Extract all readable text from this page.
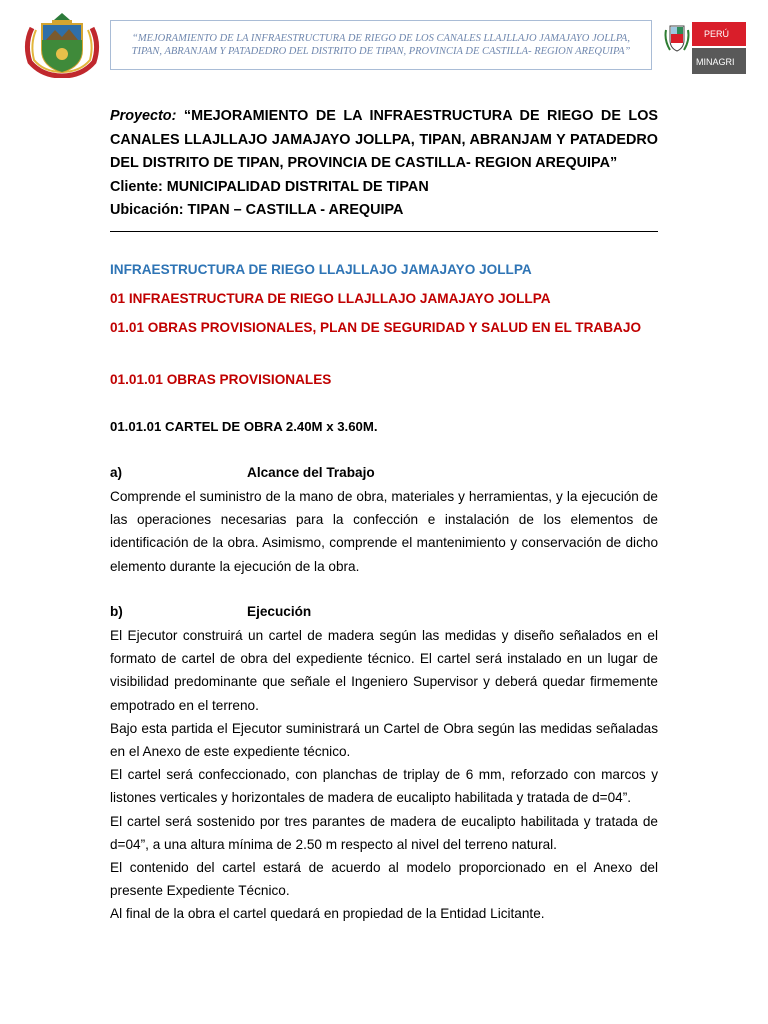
“MEJORAMIENTO DE LA INFRAESTRUCTURA DE RIEGO DE LOS CANALES LLAJLLAJO JAMAJAYO JOLLPA, TIPAN, ABRANJAM Y PATADEDRO DEL DISTRITO DE TIPAN, PROVINCIA DE CASTILLA- REGION AREQUIPA”

PERÚ
MINAGRI

Proyecto: “MEJORAMIENTO DE LA INFRAESTRUCTURA DE RIEGO DE LOS CANALES LLAJLLAJO JAMAJAYO JOLLPA, TIPAN, ABRANJAM Y PATADEDRO DEL DISTRITO DE TIPAN, PROVINCIA DE CASTILLA- REGION AREQUIPA”

Cliente: MUNICIPALIDAD DISTRITAL DE TIPAN

Ubicación: TIPAN – CASTILLA - AREQUIPA

INFRAESTRUCTURA DE RIEGO LLAJLLAJO JAMAJAYO JOLLPA

01 INFRAESTRUCTURA DE RIEGO LLAJLLAJO JAMAJAYO JOLLPA

01.01 OBRAS PROVISIONALES, PLAN DE SEGURIDAD Y SALUD EN EL TRABAJO

01.01.01 OBRAS PROVISIONALES

01.01.01 CARTEL DE OBRA 2.40M x 3.60M.

a)	Alcance del Trabajo

Comprende el suministro de la mano de obra, materiales y herramientas, y la ejecución de las operaciones necesarias para la confección e instalación de los elementos de identificación de la obra. Asimismo, comprende el mantenimiento y conservación de dicho elemento durante la ejecución de la obra.

b)	Ejecución

El Ejecutor construirá un cartel de madera según las medidas y diseño señalados en el formato de cartel de obra del expediente técnico. El cartel será instalado en un lugar de visibilidad predominante que señale el Ingeniero Supervisor y deberá quedar firmemente empotrado en el terreno.

Bajo esta partida el Ejecutor suministrará un Cartel de Obra según las medidas señaladas en el Anexo de este expediente técnico.

El cartel será confeccionado, con planchas de triplay de 6 mm, reforzado con marcos y listones verticales y horizontales de madera de eucalipto habilitada y tratada de d=04”.

El cartel será sostenido por tres parantes de madera de eucalipto habilitada y tratada de d=04”, a una altura mínima de 2.50 m respecto al nivel del terreno natural.

El contenido del cartel estará de acuerdo al modelo proporcionado en el Anexo del presente Expediente Técnico.

Al final de la obra el cartel quedará en propiedad de la Entidad Licitante.
